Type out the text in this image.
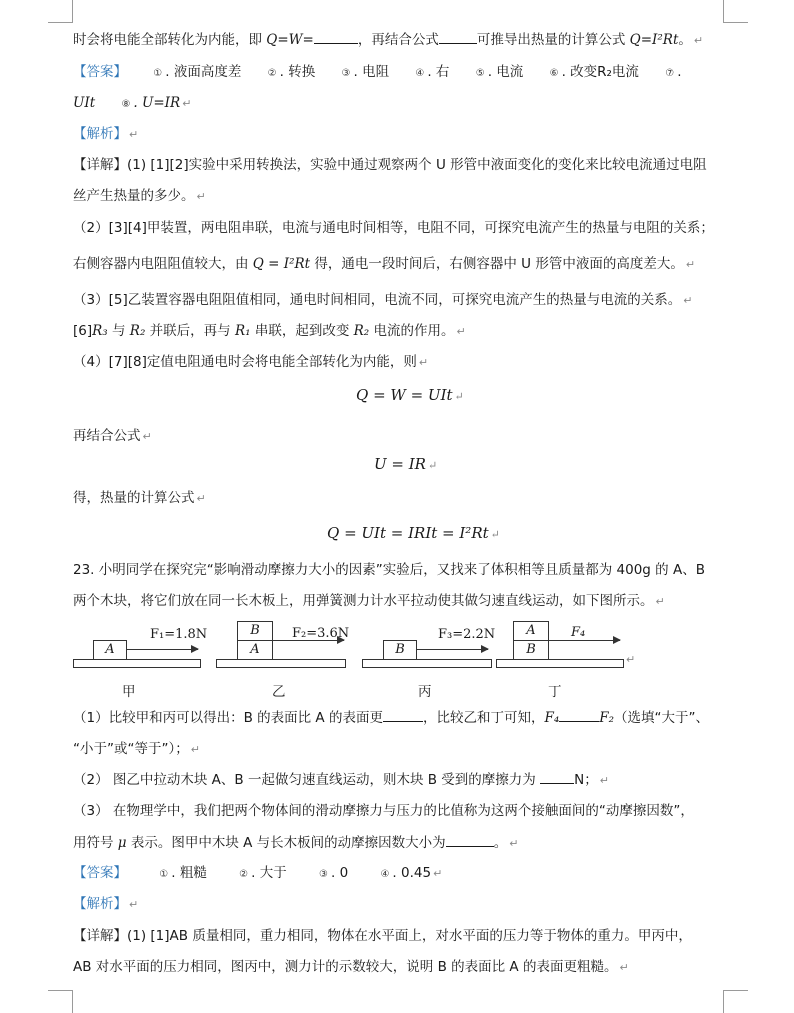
时会将电能全部转化为内能，即 Q=W=	，再结合公式	可推导出热量的计算公式 Q=I²Rt。 ↵
【答案】	① . 液面高度差	② . 转换	③ . 电阻	④ . 右	⑤ . 电流	⑥ . 改变R₂电流	⑦ .
UIt	⑧ . U=IR ↵
【解析】 ↵
【详解】(1) [1][2]实验中采用转换法，实验中通过观察两个 U 形管中液面变化的变化来比较电流通过电阻
丝产生热量的多少。 ↵
（2）[3][4]甲装置，两电阻串联，电流与通电时间相等，电阻不同，可探究电流产生的热量与电阻的关系；
右侧容器内电阻阻值较大，由 Q = I²Rt 得，通电一段时间后，右侧容器中 U 形管中液面的高度差大。 ↵
（3）[5]乙装置容器电阻阻值相同，通电时间相同，电流不同，可探究电流产生的热量与电流的关系。 ↵
[6]R₃ 与 R₂ 并联后，再与 R₁ 串联，起到改变 R₂ 电流的作用。 ↵
（4）[7][8]定值电阻通电时会将电能全部转化为内能，则 ↵
Q = W = UIt ↵
再结合公式 ↵
U = IR ↵
得，热量的计算公式 ↵
Q = UIt = IRIt = I²Rt ↵
23. 小明同学在探究完“影响滑动摩擦力大小的因素”实验后，又找来了体积相等且质量都为 400g 的 A、B
两个木块，将它们放在同一长木板上，用弹簧测力计水平拉动使其做匀速直线运动，如下图所示。 ↵
A
F₁=1.8N
甲
B
A
F₂=3.6N
乙
B
F₃=2.2N
丙
A
B
F₄
丁
↵
（1）比较甲和丙可以得出：B 的表面比 A 的表面更	，比较乙和丁可知，F₄	F₂（选填“大于”、
“小于”或“等于”）； ↵
（2） 图乙中拉动木块 A、B 一起做匀速直线运动，则木块 B 受到的摩擦力为	N； ↵
（3） 在物理学中，我们把两个物体间的滑动摩擦力与压力的比值称为这两个接触面间的“动摩擦因数”，
用符号 μ 表示。图甲中木块 A 与长木板间的动摩擦因数大小为	。 ↵
【答案】	① . 粗糙	② . 大于	③ . 0	④ . 0.45 ↵
【解析】 ↵
【详解】(1) [1]AB 质量相同，重力相同，物体在水平面上，对水平面的压力等于物体的重力。甲丙中，
AB 对水平面的压力相同，图丙中，测力计的示数较大，说明 B 的表面比 A 的表面更粗糙。 ↵
